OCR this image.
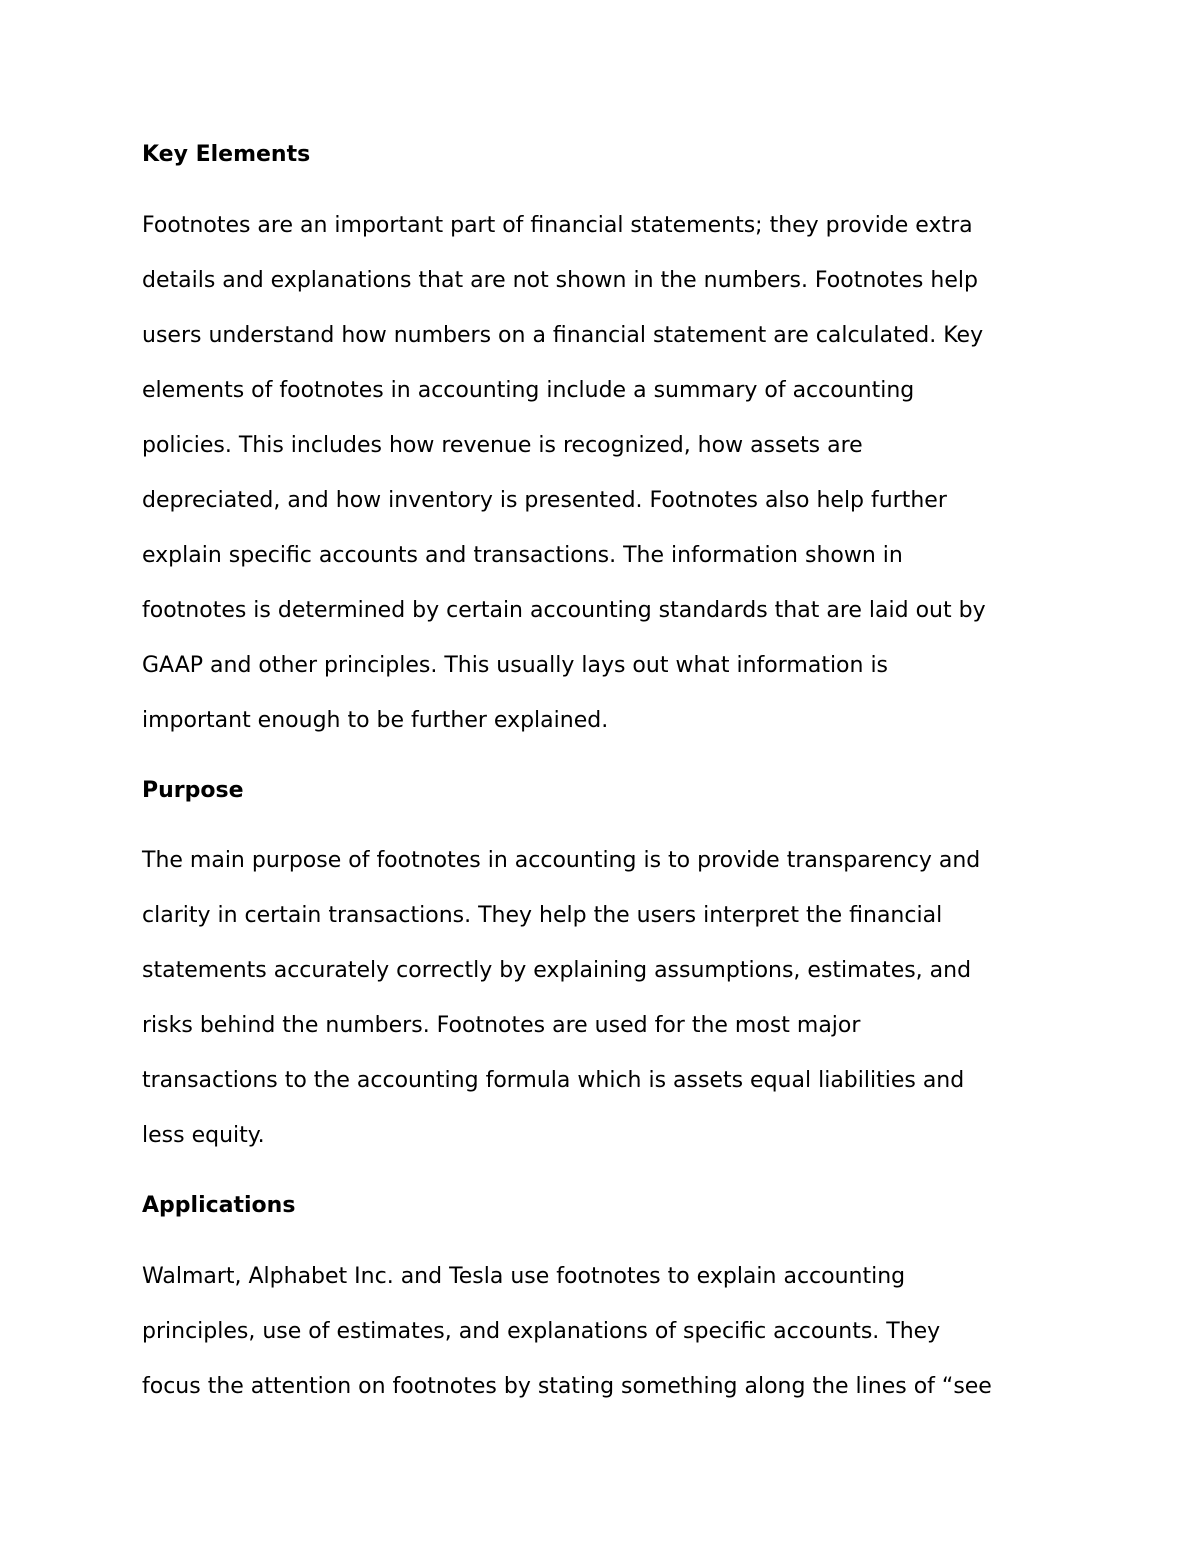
Key Elements
Footnotes are an important part of financial statements; they provide extra
details and explanations that are not shown in the numbers. Footnotes help
users understand how numbers on a financial statement are calculated. Key
elements of footnotes in accounting include a summary of accounting
policies. This includes how revenue is recognized, how assets are
depreciated, and how inventory is presented. Footnotes also help further
explain specific accounts and transactions. The information shown in
footnotes is determined by certain accounting standards that are laid out by
GAAP and other principles. This usually lays out what information is
important enough to be further explained.
Purpose
The main purpose of footnotes in accounting is to provide transparency and
clarity in certain transactions. They help the users interpret the financial
statements accurately correctly by explaining assumptions, estimates, and
risks behind the numbers. Footnotes are used for the most major
transactions to the accounting formula which is assets equal liabilities and
less equity.
Applications
Walmart, Alphabet Inc. and Tesla use footnotes to explain accounting
principles, use of estimates, and explanations of specific accounts. They
focus the attention on footnotes by stating something along the lines of “see
